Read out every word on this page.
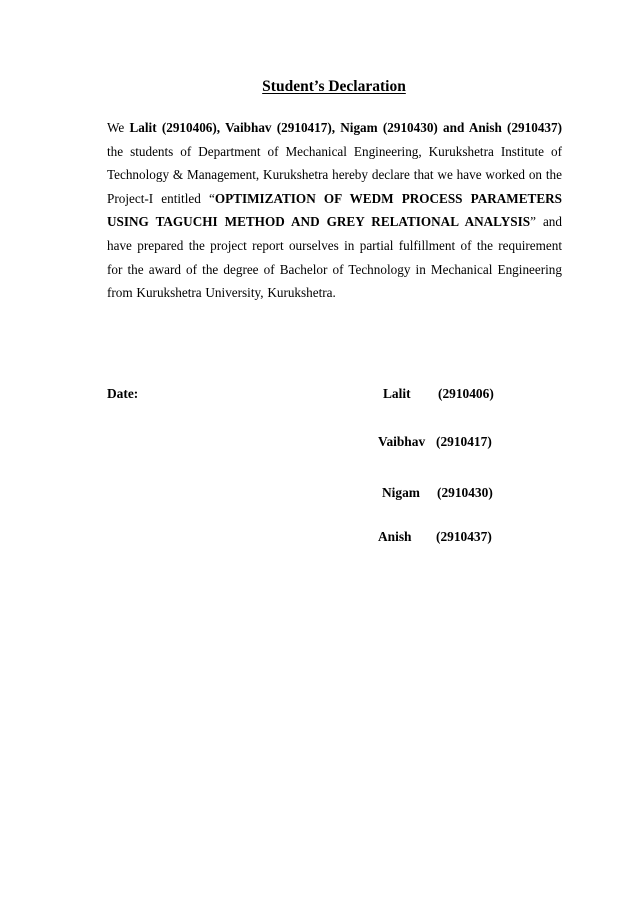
Student’s Declaration
We Lalit (2910406), Vaibhav (2910417), Nigam (2910430) and Anish (2910437) the students of Department of Mechanical Engineering, Kurukshetra Institute of Technology & Management, Kurukshetra hereby declare that we have worked on the Project-I entitled “OPTIMIZATION OF WEDM PROCESS PARAMETERS USING TAGUCHI METHOD AND GREY RELATIONAL ANALYSIS” and have prepared the project report ourselves in partial fulfillment of the requirement for the award of the degree of Bachelor of Technology in Mechanical Engineering from Kurukshetra University, Kurukshetra.
Date:	Lalit (2910406)
Vaibhav (2910417)
Nigam (2910430)
Anish (2910437)
